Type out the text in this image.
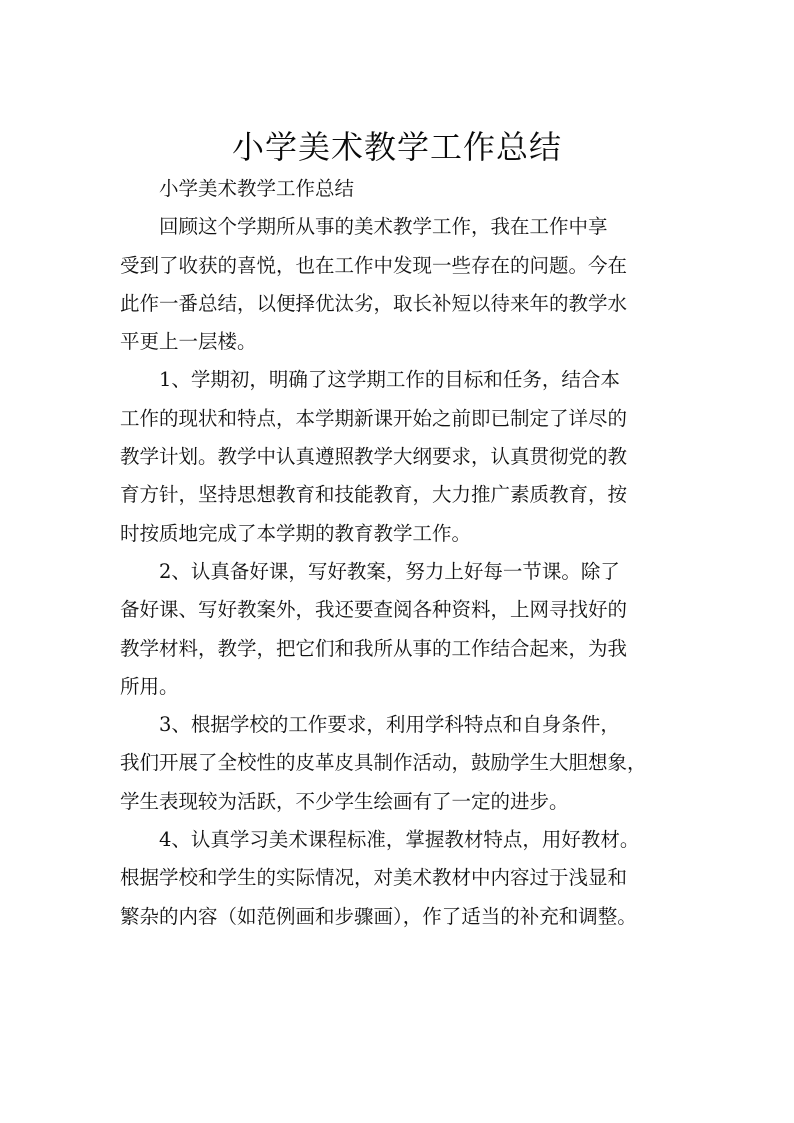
小学美术教学工作总结

小学美术教学工作总结

回顾这个学期所从事的美术教学工作，我在工作中享
受到了收获的喜悦，也在工作中发现一些存在的问题。今在
此作一番总结，以便择优汰劣，取长补短以待来年的教学水
平更上一层楼。

1、学期初，明确了这学期工作的目标和任务，结合本
工作的现状和特点，本学期新课开始之前即已制定了详尽的
教学计划。教学中认真遵照教学大纲要求，认真贯彻党的教
育方针，坚持思想教育和技能教育，大力推广素质教育，按
时按质地完成了本学期的教育教学工作。

2、认真备好课，写好教案，努力上好每一节课。除了
备好课、写好教案外，我还要查阅各种资料，上网寻找好的
教学材料，教学，把它们和我所从事的工作结合起来，为我
所用。

3、根据学校的工作要求，利用学科特点和自身条件，
我们开展了全校性的皮革皮具制作活动，鼓励学生大胆想象，
学生表现较为活跃，不少学生绘画有了一定的进步。

4、认真学习美术课程标准，掌握教材特点，用好教材。
根据学校和学生的实际情况，对美术教材中内容过于浅显和
繁杂的内容（如范例画和步骤画），作了适当的补充和调整。
